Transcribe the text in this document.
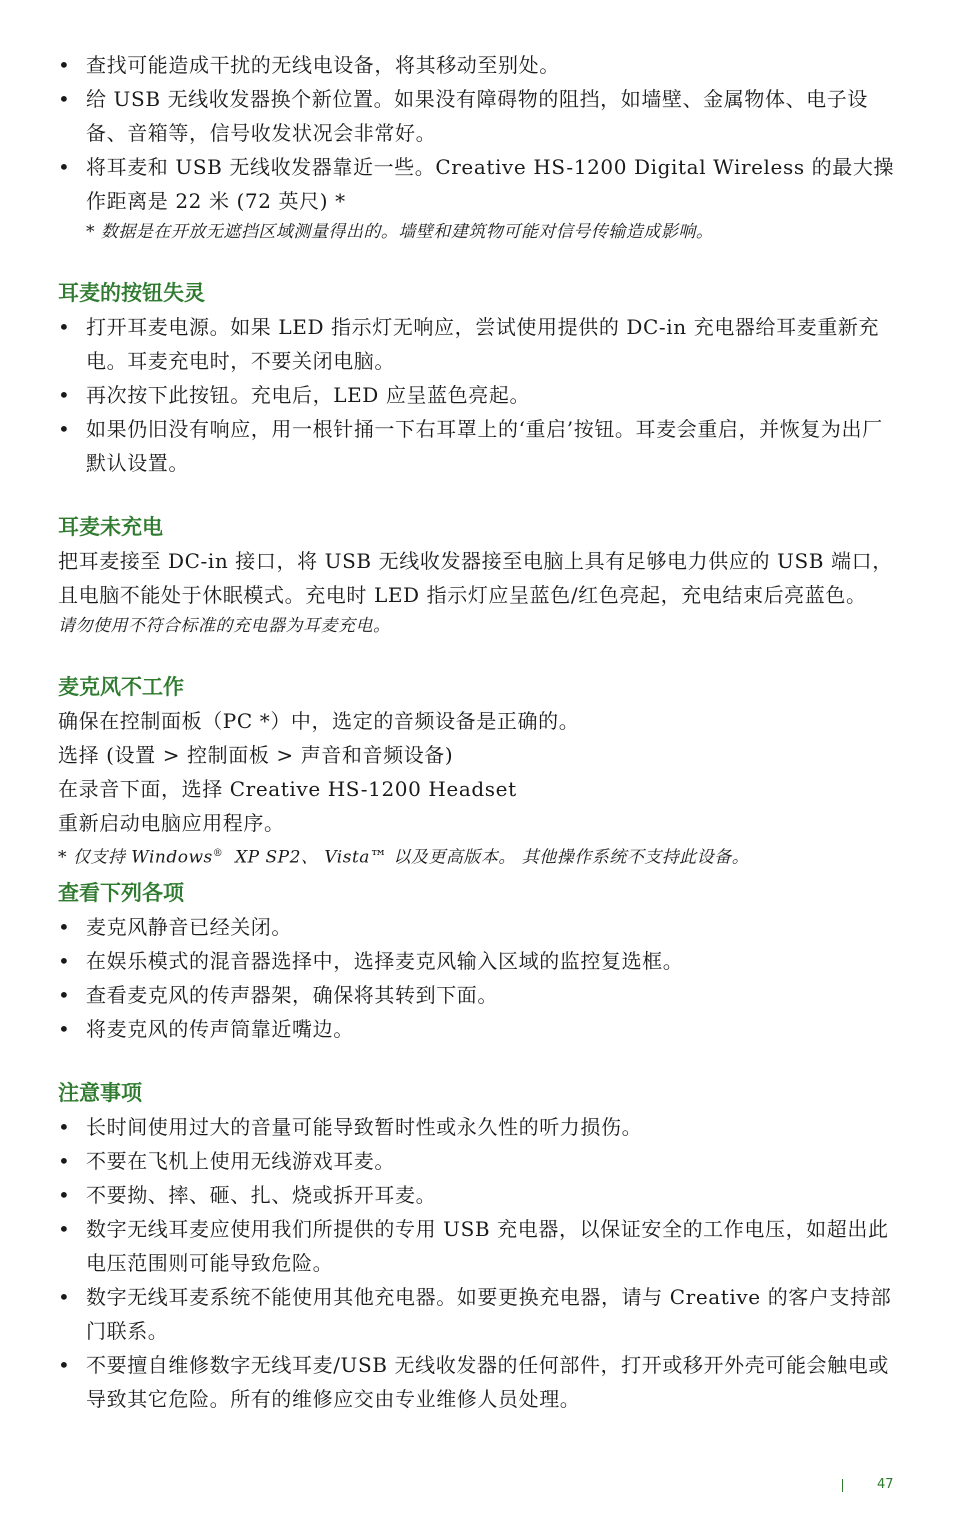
• 查找可能造成干扰的无线电设备，将其移动至别处。
• 给 USB 无线收发器换个新位置。如果没有障碍物的阻挡，如墙壁、金属物体、电子设备、音箱等，信号收发状况会非常好。
• 将耳麦和 USB 无线收发器靠近一些。Creative HS-1200 Digital Wireless 的最大操作距离是 22 米 (72 英尺) *
* 数据是在开放无遮挡区域测量得出的。墙壁和建筑物可能对信号传输造成影响。
耳麦的按钮失灵
• 打开耳麦电源。如果 LED 指示灯无响应，尝试使用提供的 DC-in 充电器给耳麦重新充电。耳麦充电时，不要关闭电脑。
• 再次按下此按钮。充电后，LED 应呈蓝色亮起。
• 如果仍旧没有响应，用一根针捅一下右耳罩上的‘重启’按钮。耳麦会重启，并恢复为出厂默认设置。
耳麦未充电

把耳麦接至 DC-in 接口，将 USB 无线收发器接至电脑上具有足够电力供应的 USB 端口，且电脑不能处于休眠模式。充电时 LED 指示灯应呈蓝色/红色亮起，充电结束后亮蓝色。

请勿使用不符合标准的充电器为耳麦充电。
麦克风不工作

确保在控制面板（PC *）中，选定的音频设备是正确的。

选择 (设置 > 控制面板 > 声音和音频设备)

在录音下面，选择 Creative HS-1200 Headset

重新启动电脑应用程序。

* 仅支持 Windows®  XP SP2、 Vista™ 以及更高版本。 其他操作系统不支持此设备。
查看下列各项
• 麦克风静音已经关闭。
• 在娱乐模式的混音器选择中，选择麦克风输入区域的监控复选框。
• 查看麦克风的传声器架，确保将其转到下面。
• 将麦克风的传声筒靠近嘴边。
注意事项
• 长时间使用过大的音量可能导致暂时性或永久性的听力损伤。
• 不要在飞机上使用无线游戏耳麦。
• 不要拗、摔、砸、扎、烧或拆开耳麦。
• 数字无线耳麦应使用我们所提供的专用 USB 充电器，以保证安全的工作电压，如超出此电压范围则可能导致危险。
• 数字无线耳麦系统不能使用其他充电器。如要更换充电器，请与 Creative 的客户支持部门联系。
• 不要擅自维修数字无线耳麦/USB 无线收发器的任何部件，打开或移开外壳可能会触电或导致其它危险。所有的维修应交由专业维修人员处理。
47
